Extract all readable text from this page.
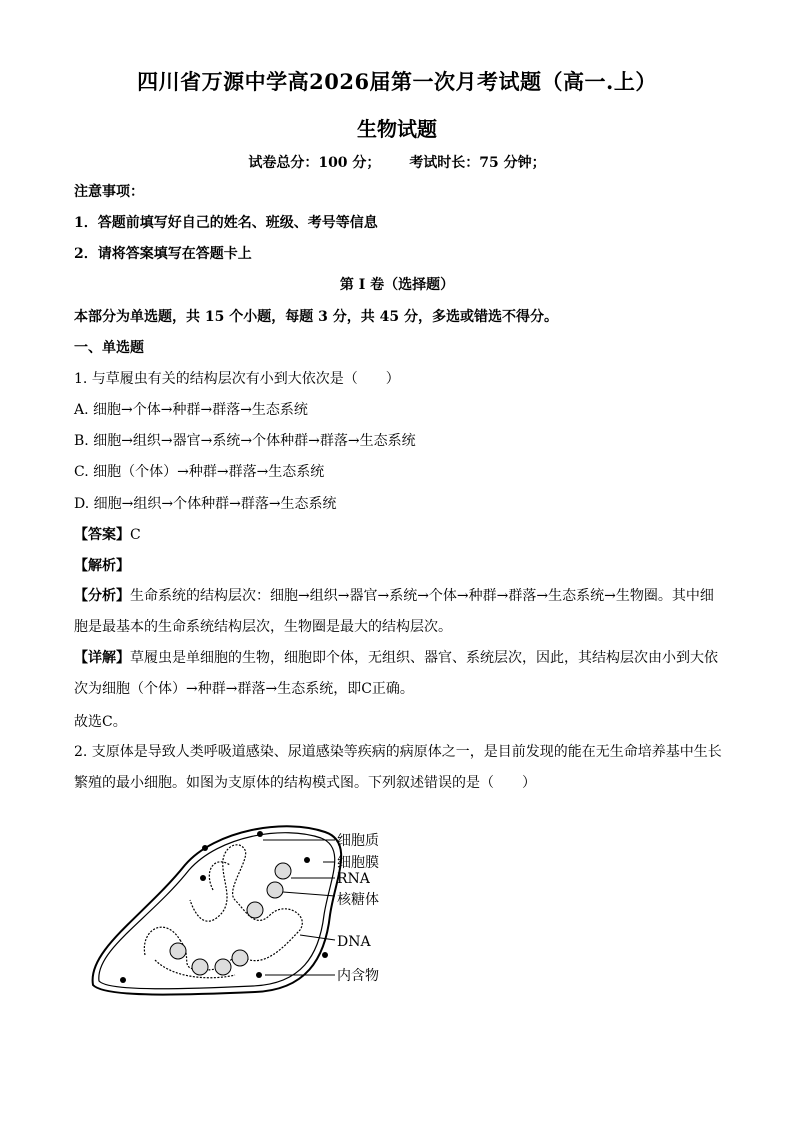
四川省万源中学高2026届第一次月考试题（高一.上）
生物试题
试卷总分：100 分； 考试时长：75 分钟；
注意事项：
1．答题前填写好自己的姓名、班级、考号等信息
2．请将答案填写在答题卡上
第 I 卷（选择题）
本部分为单选题，共 15 个小题，每题 3 分，共 45 分，多选或错选不得分。
一、单选题
1. 与草履虫有关的结构层次有小到大依次是（　　）
A. 细胞→个体→种群→群落→生态系统
B. 细胞→组织→器官→系统→个体种群→群落→生态系统
C. 细胞（个体）→种群→群落→生态系统
D. 细胞→组织→个体种群→群落→生态系统
【答案】C
【解析】
【分析】生命系统的结构层次：细胞→组织→器官→系统→个体→种群→群落→生态系统→生物圈。其中细胞是最基本的生命系统结构层次，生物圈是最大的结构层次。
【详解】草履虫是单细胞的生物，细胞即个体，无组织、器官、系统层次，因此，其结构层次由小到大依次为细胞（个体）→种群→群落→生态系统，即C正确。
故选C。
2. 支原体是导致人类呼吸道感染、尿道感染等疾病的病原体之一，是目前发现的能在无生命培养基中生长繁殖的最小细胞。如图为支原体的结构模式图。下列叙述错误的是（　　）
细胞质
细胞膜
RNA
核糖体
DNA
内含物
